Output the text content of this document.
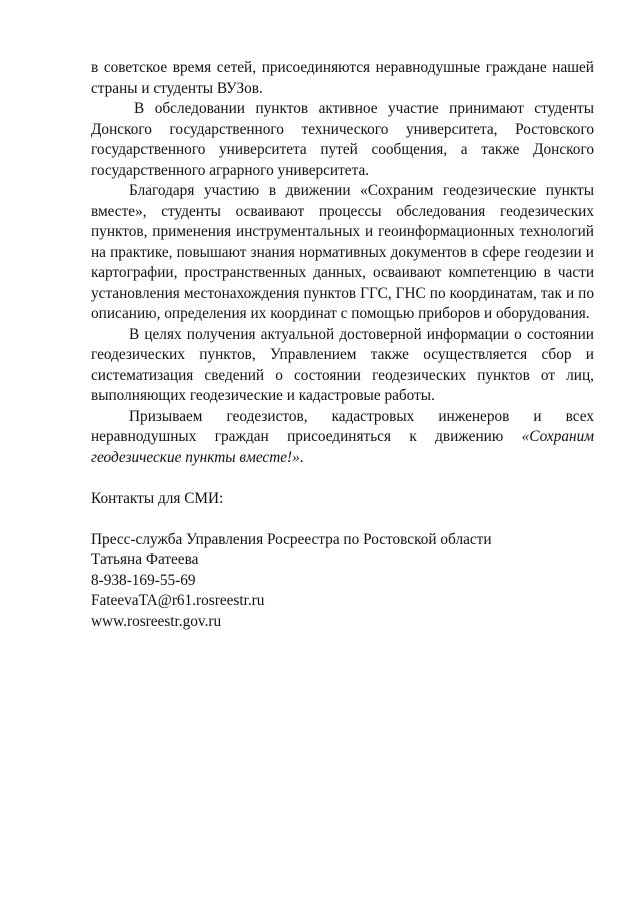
в советское время сетей, присоединяются неравнодушные граждане нашей страны и студенты ВУЗов.

В обследовании пунктов активное участие принимают студенты Донского государственного технического университета, Ростовского государственного университета путей сообщения, а также Донского государственного аграрного университета.

Благодаря участию в движении «Сохраним геодезические пункты вместе», студенты осваивают процессы обследования геодезических пунктов, применения инструментальных и геоинформационных технологий на практике, повышают знания нормативных документов в сфере геодезии и картографии, пространственных данных, осваивают компетенцию в части установления местонахождения пунктов ГГС, ГНС по координатам, так и по описанию, определения их координат с помощью приборов и оборудования.

В целях получения актуальной достоверной информации о состоянии геодезических пунктов, Управлением также осуществляется сбор и систематизация сведений о состоянии геодезических пунктов от лиц, выполняющих геодезические и кадастровые работы.

Призываем геодезистов, кадастровых инженеров и всех неравнодушных граждан присоединяться к движению «Сохраним геодезические пункты вместе!».

Контакты для СМИ:

Пресс-служба Управления Росреестра по Ростовской области
Татьяна Фатеева
8-938-169-55-69
FateevaTA@r61.rosreestr.ru
www.rosreestr.gov.ru
